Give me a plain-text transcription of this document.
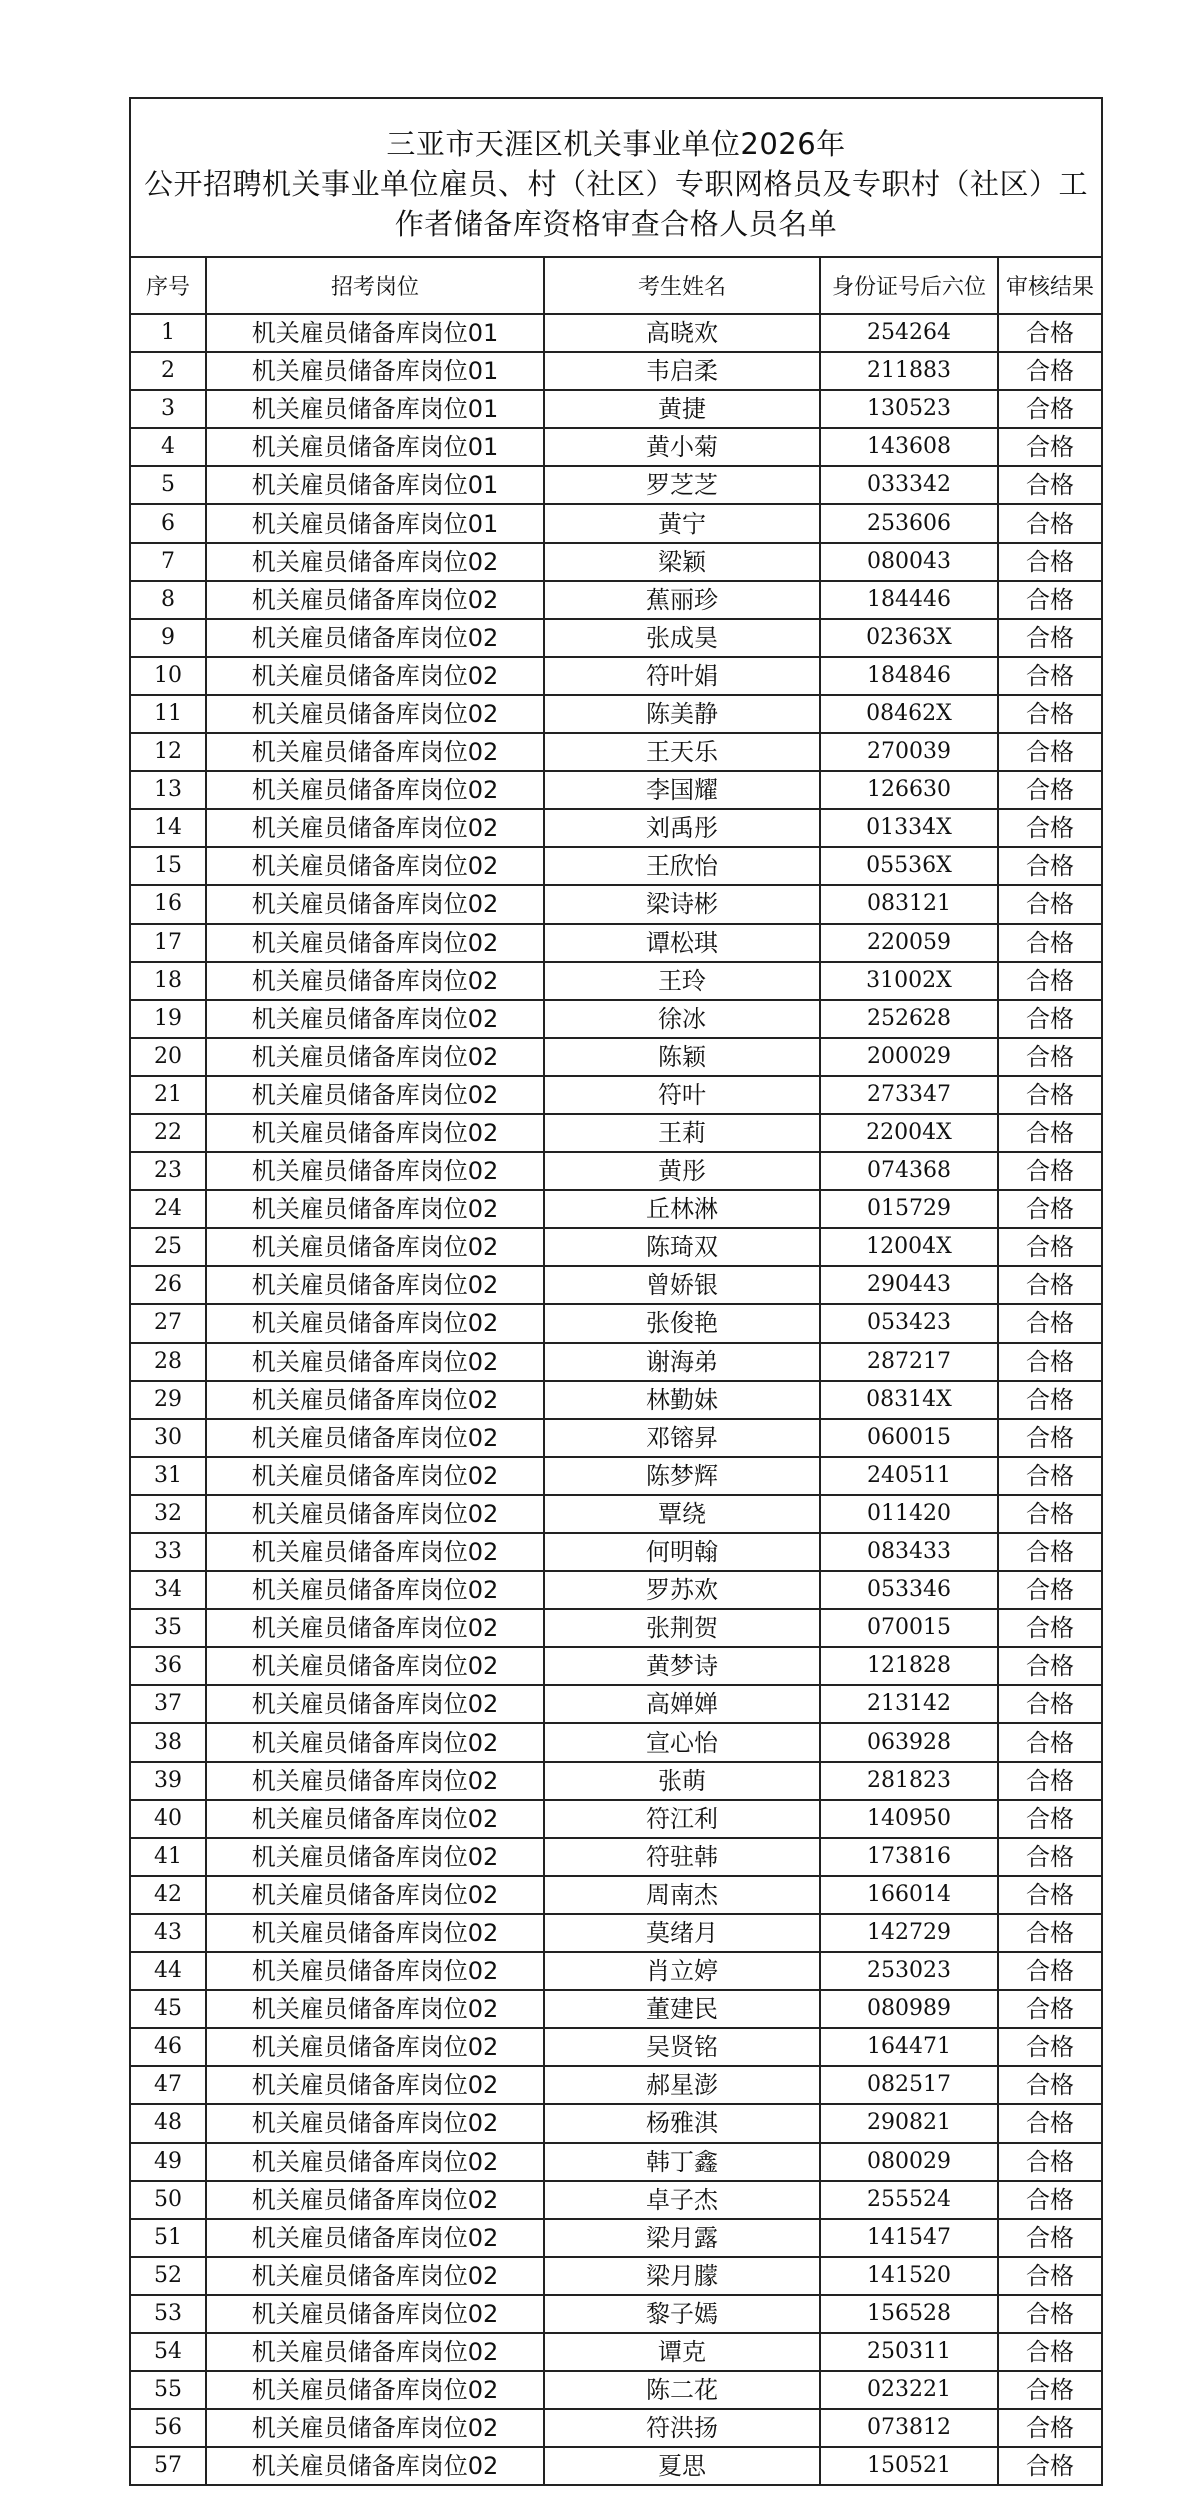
三亚市天涯区机关事业单位2026年
公开招聘机关事业单位雇员、村（社区）专职网格员及专职村（社区）工
作者储备库资格审查合格人员名单				

序号	招考岗位	考生姓名	身份证号后六位	审核结果
1	机关雇员储备库岗位01	高晓欢	254264	合格
2	机关雇员储备库岗位01	韦启柔	211883	合格
3	机关雇员储备库岗位01	黄捷	130523	合格
4	机关雇员储备库岗位01	黄小菊	143608	合格
5	机关雇员储备库岗位01	罗芝芝	033342	合格
6	机关雇员储备库岗位01	黄宁	253606	合格
7	机关雇员储备库岗位02	梁颖	080043	合格
8	机关雇员储备库岗位02	蕉丽珍	184446	合格
9	机关雇员储备库岗位02	张成昊	02363X	合格
10	机关雇员储备库岗位02	符叶娟	184846	合格
11	机关雇员储备库岗位02	陈美静	08462X	合格
12	机关雇员储备库岗位02	王天乐	270039	合格
13	机关雇员储备库岗位02	李国耀	126630	合格
14	机关雇员储备库岗位02	刘禹彤	01334X	合格
15	机关雇员储备库岗位02	王欣怡	05536X	合格
16	机关雇员储备库岗位02	梁诗彬	083121	合格
17	机关雇员储备库岗位02	谭松琪	220059	合格
18	机关雇员储备库岗位02	王玲	31002X	合格
19	机关雇员储备库岗位02	徐冰	252628	合格
20	机关雇员储备库岗位02	陈颖	200029	合格
21	机关雇员储备库岗位02	符叶	273347	合格
22	机关雇员储备库岗位02	王莉	22004X	合格
23	机关雇员储备库岗位02	黄彤	074368	合格
24	机关雇员储备库岗位02	丘林淋	015729	合格
25	机关雇员储备库岗位02	陈琦双	12004X	合格
26	机关雇员储备库岗位02	曾娇银	290443	合格
27	机关雇员储备库岗位02	张俊艳	053423	合格
28	机关雇员储备库岗位02	谢海弟	287217	合格
29	机关雇员储备库岗位02	林勤妹	08314X	合格
30	机关雇员储备库岗位02	邓镕昇	060015	合格
31	机关雇员储备库岗位02	陈梦辉	240511	合格
32	机关雇员储备库岗位02	覃绕	011420	合格
33	机关雇员储备库岗位02	何明翰	083433	合格
34	机关雇员储备库岗位02	罗苏欢	053346	合格
35	机关雇员储备库岗位02	张荆贺	070015	合格
36	机关雇员储备库岗位02	黄梦诗	121828	合格
37	机关雇员储备库岗位02	高婵婵	213142	合格
38	机关雇员储备库岗位02	宣心怡	063928	合格
39	机关雇员储备库岗位02	张萌	281823	合格
40	机关雇员储备库岗位02	符江利	140950	合格
41	机关雇员储备库岗位02	符驻韩	173816	合格
42	机关雇员储备库岗位02	周南杰	166014	合格
43	机关雇员储备库岗位02	莫绪月	142729	合格
44	机关雇员储备库岗位02	肖立婷	253023	合格
45	机关雇员储备库岗位02	董建民	080989	合格
46	机关雇员储备库岗位02	吴贤铭	164471	合格
47	机关雇员储备库岗位02	郝星澎	082517	合格
48	机关雇员储备库岗位02	杨雅淇	290821	合格
49	机关雇员储备库岗位02	韩丁鑫	080029	合格
50	机关雇员储备库岗位02	卓子杰	255524	合格
51	机关雇员储备库岗位02	梁月露	141547	合格
52	机关雇员储备库岗位02	梁月朦	141520	合格
53	机关雇员储备库岗位02	黎子嫣	156528	合格
54	机关雇员储备库岗位02	谭克	250311	合格
55	机关雇员储备库岗位02	陈二花	023221	合格
56	机关雇员储备库岗位02	符洪扬	073812	合格
57	机关雇员储备库岗位02	夏思	150521	合格
